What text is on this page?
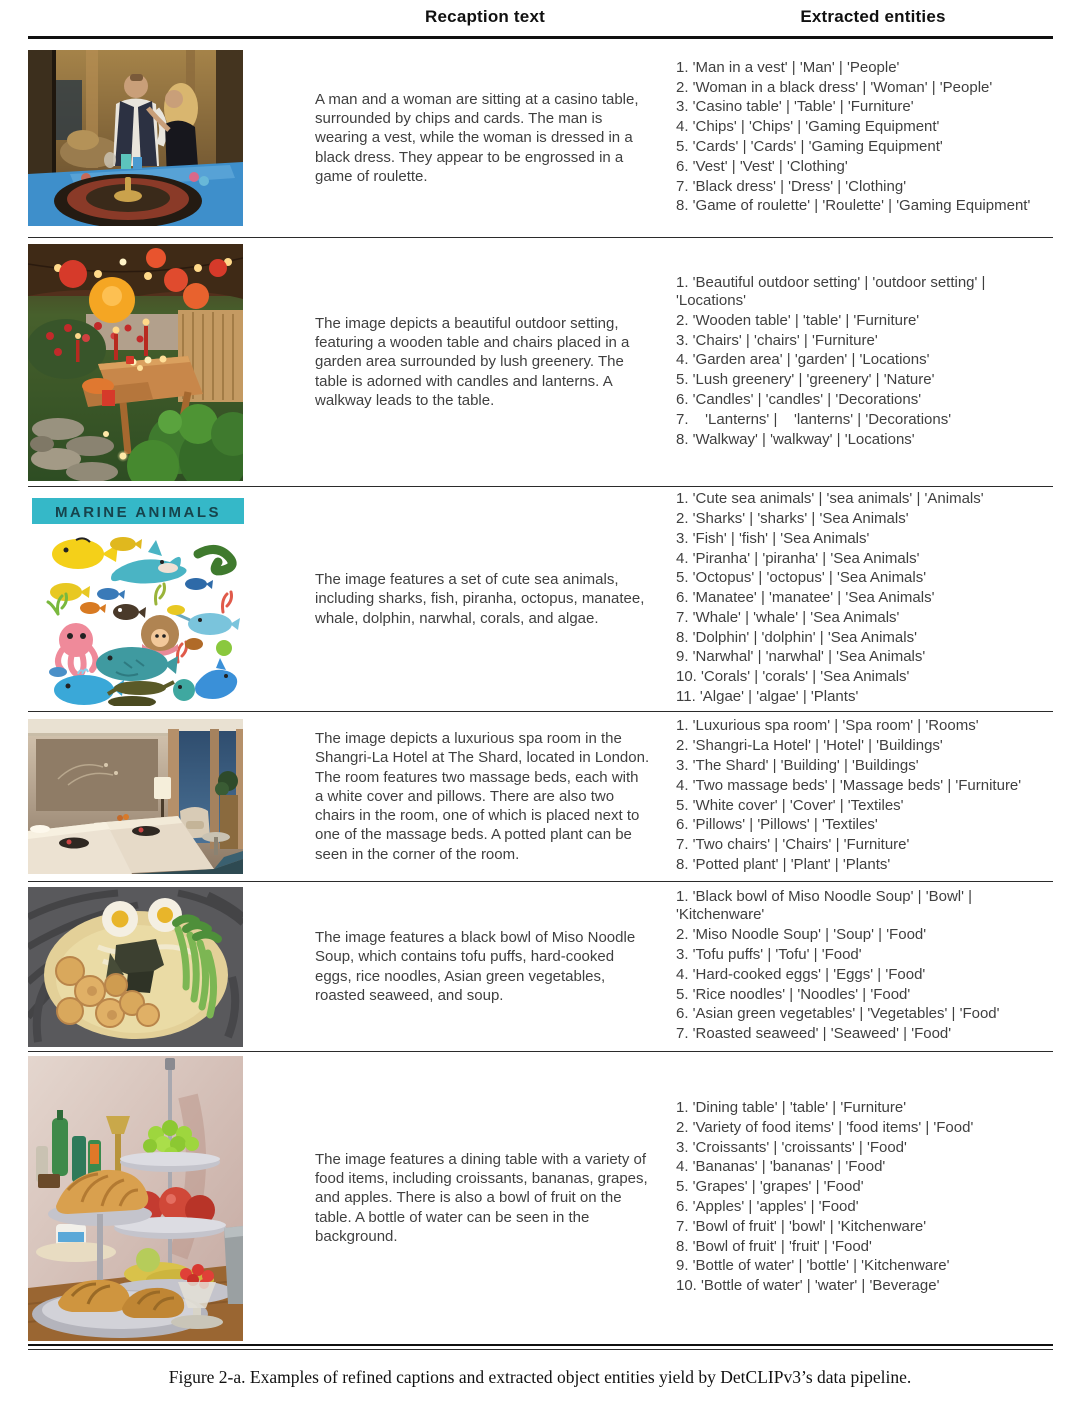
Recaption text	Extracted entities

A man and a woman are sitting at a casino table, surrounded by chips and cards. The man is wearing a vest, while the woman is dressed in a black dress. They appear to be engrossed in a game of roulette.

1. 'Man in a vest' | 'Man' | 'People'
2. 'Woman in a black dress' | 'Woman' | 'People'
3. 'Casino table' | 'Table' | 'Furniture'
4. 'Chips' | 'Chips' | 'Gaming Equipment'
5. 'Cards' | 'Cards' | 'Gaming Equipment'
6. 'Vest' | 'Vest' | 'Clothing'
7. 'Black dress' | 'Dress' | 'Clothing'
8. 'Game of roulette' | 'Roulette' | 'Gaming Equipment'

The image depicts a beautiful outdoor setting, featuring a wooden table and chairs placed in a garden area surrounded by lush greenery. The table is adorned with candles and lanterns. A walkway leads to the table.

1. 'Beautiful outdoor setting' | 'outdoor setting' | 'Locations'
2. 'Wooden table' | 'table' | 'Furniture'
3. 'Chairs' | 'chairs' | 'Furniture'
4. 'Garden area' | 'garden' | 'Locations'
5. 'Lush greenery' | 'greenery' | 'Nature'
6. 'Candles' | 'candles' | 'Decorations'
7.    'Lanterns' |    'lanterns' | 'Decorations'
8. 'Walkway' | 'walkway' | 'Locations'
MARINE ANIMALS

The image features a set of cute sea animals, including sharks, fish, piranha, octopus, manatee, whale, dolphin, narwhal, corals, and algae.

1. 'Cute sea animals' | 'sea animals' | 'Animals'
2. 'Sharks' | 'sharks' | 'Sea Animals'
3. 'Fish' | 'fish' | 'Sea Animals'
4. 'Piranha' | 'piranha' | 'Sea Animals'
5. 'Octopus' | 'octopus' | 'Sea Animals'
6. 'Manatee' | 'manatee' | 'Sea Animals'
7. 'Whale' | 'whale' | 'Sea Animals'
8. 'Dolphin' | 'dolphin' | 'Sea Animals'
9. 'Narwhal' | 'narwhal' | 'Sea Animals'
10. 'Corals' | 'corals' | 'Sea Animals'
11. 'Algae' | 'algae' | 'Plants'

The image depicts a luxurious spa room in the Shangri-La Hotel at The Shard, located in London. The room features two massage beds, each with a white cover and pillows. There are also two chairs in the room, one of which is placed next to one of the massage beds. A potted plant can be seen in the corner of the room.

1. 'Luxurious spa room' | 'Spa room' | 'Rooms'
2. 'Shangri-La Hotel' | 'Hotel' | 'Buildings'
3. 'The Shard' | 'Building' | 'Buildings'
4. 'Two massage beds' | 'Massage beds' | 'Furniture'
5. 'White cover' | 'Cover' | 'Textiles'
6. 'Pillows' | 'Pillows' | 'Textiles'
7. 'Two chairs' | 'Chairs' | 'Furniture'
8. 'Potted plant' | 'Plant' | 'Plants'

The image features a black bowl of Miso Noodle Soup, which contains tofu puffs, hard-cooked eggs, rice noodles, Asian green vegetables, roasted seaweed, and soup.

1. 'Black bowl of Miso Noodle Soup' | 'Bowl' | 'Kitchenware'
2. 'Miso Noodle Soup' | 'Soup' | 'Food'
3. 'Tofu puffs' | 'Tofu' | 'Food'
4. 'Hard-cooked eggs' | 'Eggs' | 'Food'
5. 'Rice noodles' | 'Noodles' | 'Food'
6. 'Asian green vegetables' | 'Vegetables' | 'Food'
7. 'Roasted seaweed' | 'Seaweed' | 'Food'

The image features a dining table with a variety of food items, including croissants, bananas, grapes, and apples. There is also a bowl of fruit on the table. A bottle of water can be seen in the background.

1. 'Dining table' | 'table' | 'Furniture'
2. 'Variety of food items' | 'food items' | 'Food'
3. 'Croissants' | 'croissants' | 'Food'
4. 'Bananas' | 'bananas' | 'Food'
5. 'Grapes' | 'grapes' | 'Food'
6. 'Apples' | 'apples' | 'Food'
7. 'Bowl of fruit' | 'bowl' | 'Kitchenware'
8. 'Bowl of fruit' | 'fruit' | 'Food'
9. 'Bottle of water' | 'bottle' | 'Kitchenware'
10. 'Bottle of water' | 'water' | 'Beverage'
Figure 2-a. Examples of refined captions and extracted object entities yield by DetCLIPv3’s data pipeline.
